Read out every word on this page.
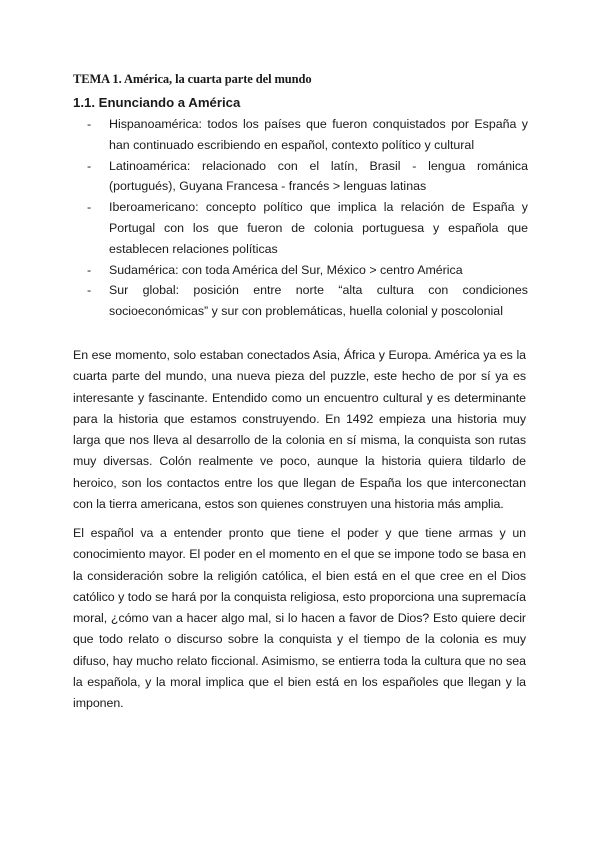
TEMA 1. América, la cuarta parte del mundo
1.1. Enunciando a América
- Hispanoamérica: todos los países que fueron conquistados por España y han continuado escribiendo en español, contexto político y cultural
- Latinoamérica: relacionado con el latín, Brasil - lengua románica (portugués), Guyana Francesa - francés > lenguas latinas
- Iberoamericano: concepto político que implica la relación de España y Portugal con los que fueron de colonia portuguesa y española que establecen relaciones políticas
- Sudamérica: con toda América del Sur, México > centro América
- Sur global: posición entre norte “alta cultura con condiciones socioeconómicas” y sur con problemáticas, huella colonial y poscolonial

En ese momento, solo estaban conectados Asia, África y Europa. América ya es la cuarta parte del mundo, una nueva pieza del puzzle, este hecho de por sí ya es interesante y fascinante. Entendido como un encuentro cultural y es determinante para la historia que estamos construyendo. En 1492 empieza una historia muy larga que nos lleva al desarrollo de la colonia en sí misma, la conquista son rutas muy diversas. Colón realmente ve poco, aunque la historia quiera tildarlo de heroico, son los contactos entre los que llegan de España los que interconectan con la tierra americana, estos son quienes construyen una historia más amplia.

El español va a entender pronto que tiene el poder y que tiene armas y un conocimiento mayor. El poder en el momento en el que se impone todo se basa en la consideración sobre la religión católica, el bien está en el que cree en el Dios católico y todo se hará por la conquista religiosa, esto proporciona una supremacía moral, ¿cómo van a hacer algo mal, si lo hacen a favor de Dios? Esto quiere decir que todo relato o discurso sobre la conquista y el tiempo de la colonia es muy difuso, hay mucho relato ficcional. Asimismo, se entierra toda la cultura que no sea la española, y la moral implica que el bien está en los españoles que llegan y la imponen.
